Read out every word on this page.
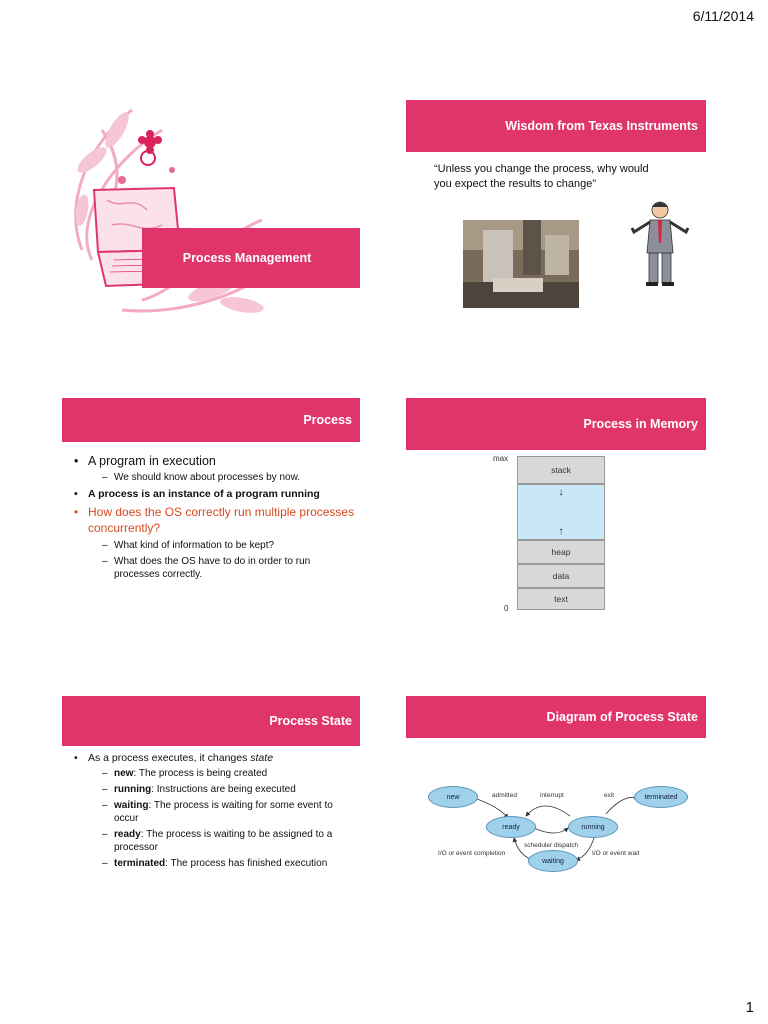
6/11/2014
1
Process Management
Wisdom from Texas Instruments
“Unless you change the process, why would
you expect the results to change”
Process
• A program in execution
– We should know about processes by now.
• A process is an instance of a program running
• How does the OS correctly run multiple processes concurrently?
– What kind of information to be kept?
– What does the OS have to do in order to run processes correctly.
Process in Memory
max
0
stack
↓
↑
heap
data
text
Process State
• As a process executes, it changes state
– new: The process is being created
– running: Instructions are being executed
– waiting: The process is waiting for some event to occur
– ready: The process is waiting to be assigned to a processor
– terminated: The process has finished execution
Diagram of Process State
new
ready	running
waiting
terminated
admitted	interrupt	exit
scheduler dispatch
I/O or event completion	I/O or event wait
